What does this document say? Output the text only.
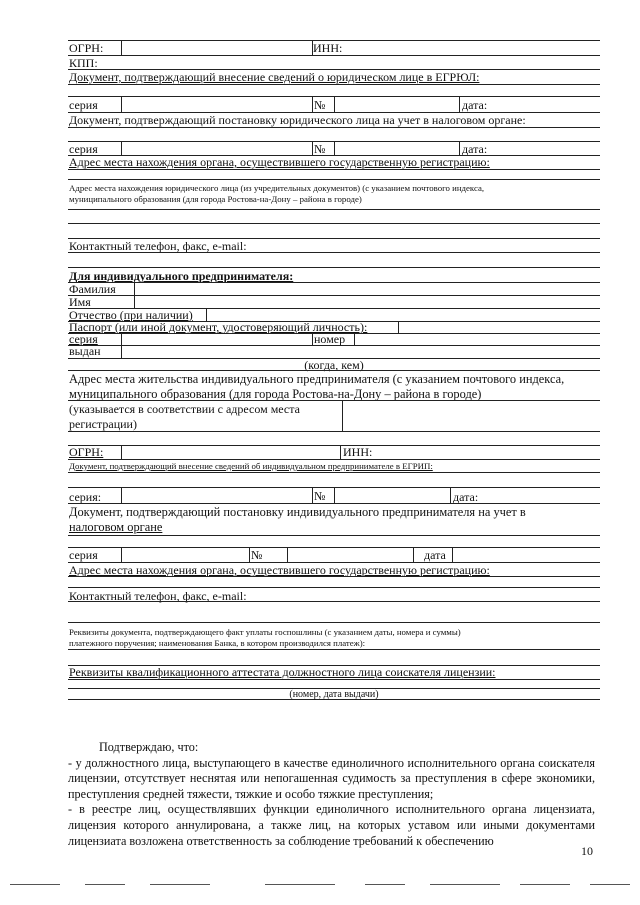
ОГРН:	ИНН:
КПП:
Документ, подтверждающий внесение сведений о юридическом лице в ЕГРЮЛ:
серия	№	дата:
Документ, подтверждающий постановку юридического лица на учет в налоговом органе:
серия	№	дата:
Адрес места нахождения органа, осуществившего государственную регистрацию:
Адрес места нахождения юридического лица (из учредительных документов) (с указанием почтового индекса,
муниципального образования (для города Ростова-на-Дону – района в городе)
Контактный телефон, факс, e-mail:
Для индивидуального предпринимателя:
Фамилия
Имя
Отчество (при наличии)
Паспорт (или иной документ, удостоверяющий личность):
серия	номер
выдан
(когда, кем)
Адрес места жительства индивидуального предпринимателя (с указанием почтового индекса,
муниципального образования (для города Ростова-на-Дону – района в городе)
(указывается в соответствии с адресом места
регистрации)
ОГРН:	ИНН:
Документ, подтверждающий внесение сведений об индивидуальном предпринимателе в ЕГРИП:
серия:	№	дата:
Документ, подтверждающий постановку индивидуального предпринимателя на учет в
налоговом органе
серия	№	дата
Адрес места нахождения органа, осуществившего государственную регистрацию:
Контактный телефон, факс, e-mail:
Реквизиты документа, подтверждающего факт уплаты госпошлины (с указанием даты, номера и суммы)
платежного поручения; наименования Банка, в котором производился платеж):
Реквизиты квалификационного аттестата должностного лица соискателя лицензии:
(номер, дата выдачи)

Подтверждаю, что:

- у должностного лица, выступающего в качестве единоличного исполнительного органа соискателя лицензии, отсутствует неснятая или непогашенная судимость за преступления в сфере экономики, преступления средней тяжести, тяжкие и особо тяжкие преступления;

- в реестре лиц, осуществлявших функции единоличного исполнительного органа лицензиата, лицензия которого аннулирована, а также лиц, на которых уставом или иными документами лицензиата возложена ответственность за соблюдение требований к обеспечению

10
